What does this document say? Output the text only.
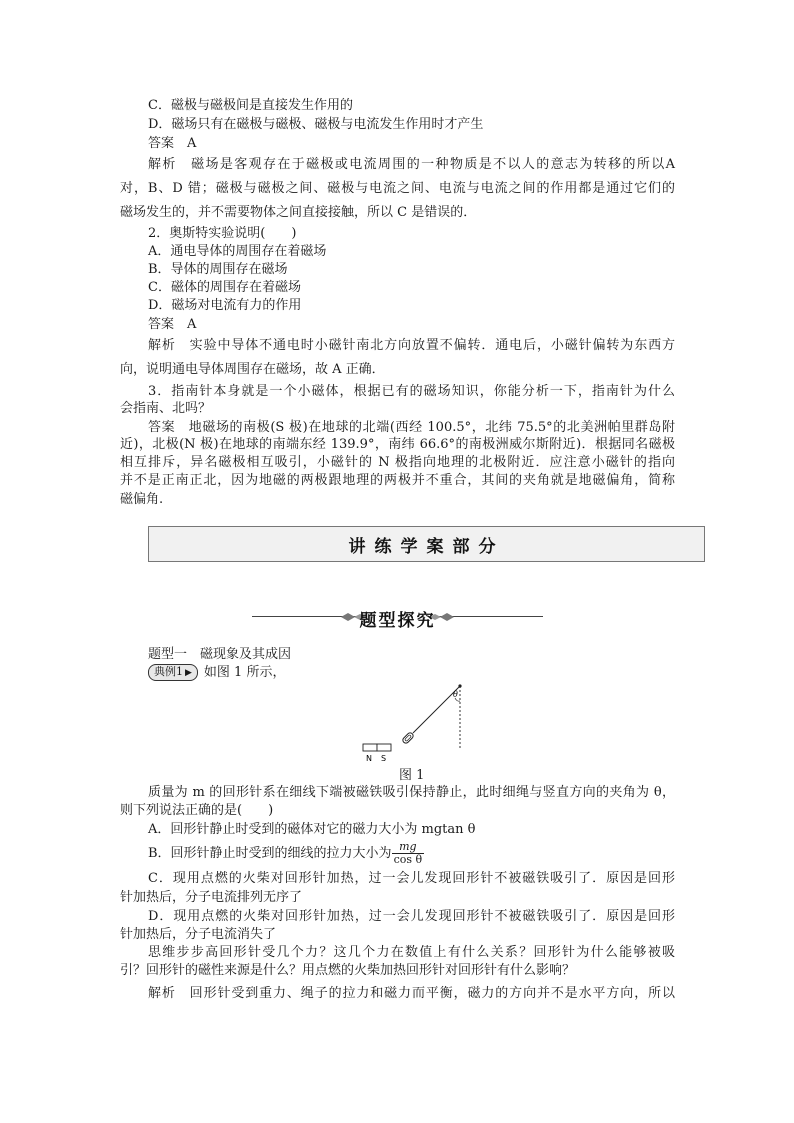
C．磁极与磁极间是直接发生作用的
D．磁场只有在磁极与磁极、磁极与电流发生作用时才产生
答案　A
解析　磁场是客观存在于磁极或电流周围的一种物质是不以人的意志为转移的所以A
对，B、D 错；磁极与磁极之间、磁极与电流之间、电流与电流之间的作用都是通过它们的
磁场发生的，并不需要物体之间直接接触，所以 C 是错误的．
2．奥斯特实验说明(　　)
A．通电导体的周围存在着磁场
B．导体的周围存在磁场
C．磁体的周围存在着磁场
D．磁场对电流有力的作用
答案　A
解析　实验中导体不通电时小磁针南北方向放置不偏转．通电后，小磁针偏转为东西方
向，说明通电导体周围存在磁场，故 A 正确．
3．指南针本身就是一个小磁体，根据已有的磁场知识，你能分析一下，指南针为什么
会指南、北吗？
答案　地磁场的南极(S 极)在地球的北端(西经 100.5°，北纬 75.5°的北美洲帕里群岛附
近)，北极(N 极)在地球的南端东经 139.9°，南纬 66.6°的南极洲威尔斯附近)．根据同名磁极
相互排斥，异名磁极相互吸引，小磁针的 N 极指向地理的北极附近．应注意小磁针的指向
并不是正南正北，因为地磁的两极跟地理的两极并不重合，其间的夹角就是地磁偏角，简称
磁偏角.
讲练学案部分
题型探究
题型一　磁现象及其成因
典例1 ▶ 如图 1 所示，
θ
N S
图 1
质量为 m 的回形针系在细线下端被磁铁吸引保持静止，此时细绳与竖直方向的夹角为 θ，
则下列说法正确的是(　　)
A．回形针静止时受到的磁体对它的磁力大小为 mgtan θ
B．回形针静止时受到的细线的拉力大小为 $\frac{mg}{\text{cos θ}}$
C．现用点燃的火柴对回形针加热，过一会儿发现回形针不被磁铁吸引了．原因是回形
针加热后，分子电流排列无序了
D．现用点燃的火柴对回形针加热，过一会儿发现回形针不被磁铁吸引了．原因是回形
针加热后，分子电流消失了
思维步步高回形针受几个力？这几个力在数值上有什么关系？回形针为什么能够被吸
引？回形针的磁性来源是什么？用点燃的火柴加热回形针对回形针有什么影响？
解析　回形针受到重力、绳子的拉力和磁力而平衡，磁力的方向并不是水平方向，所以
